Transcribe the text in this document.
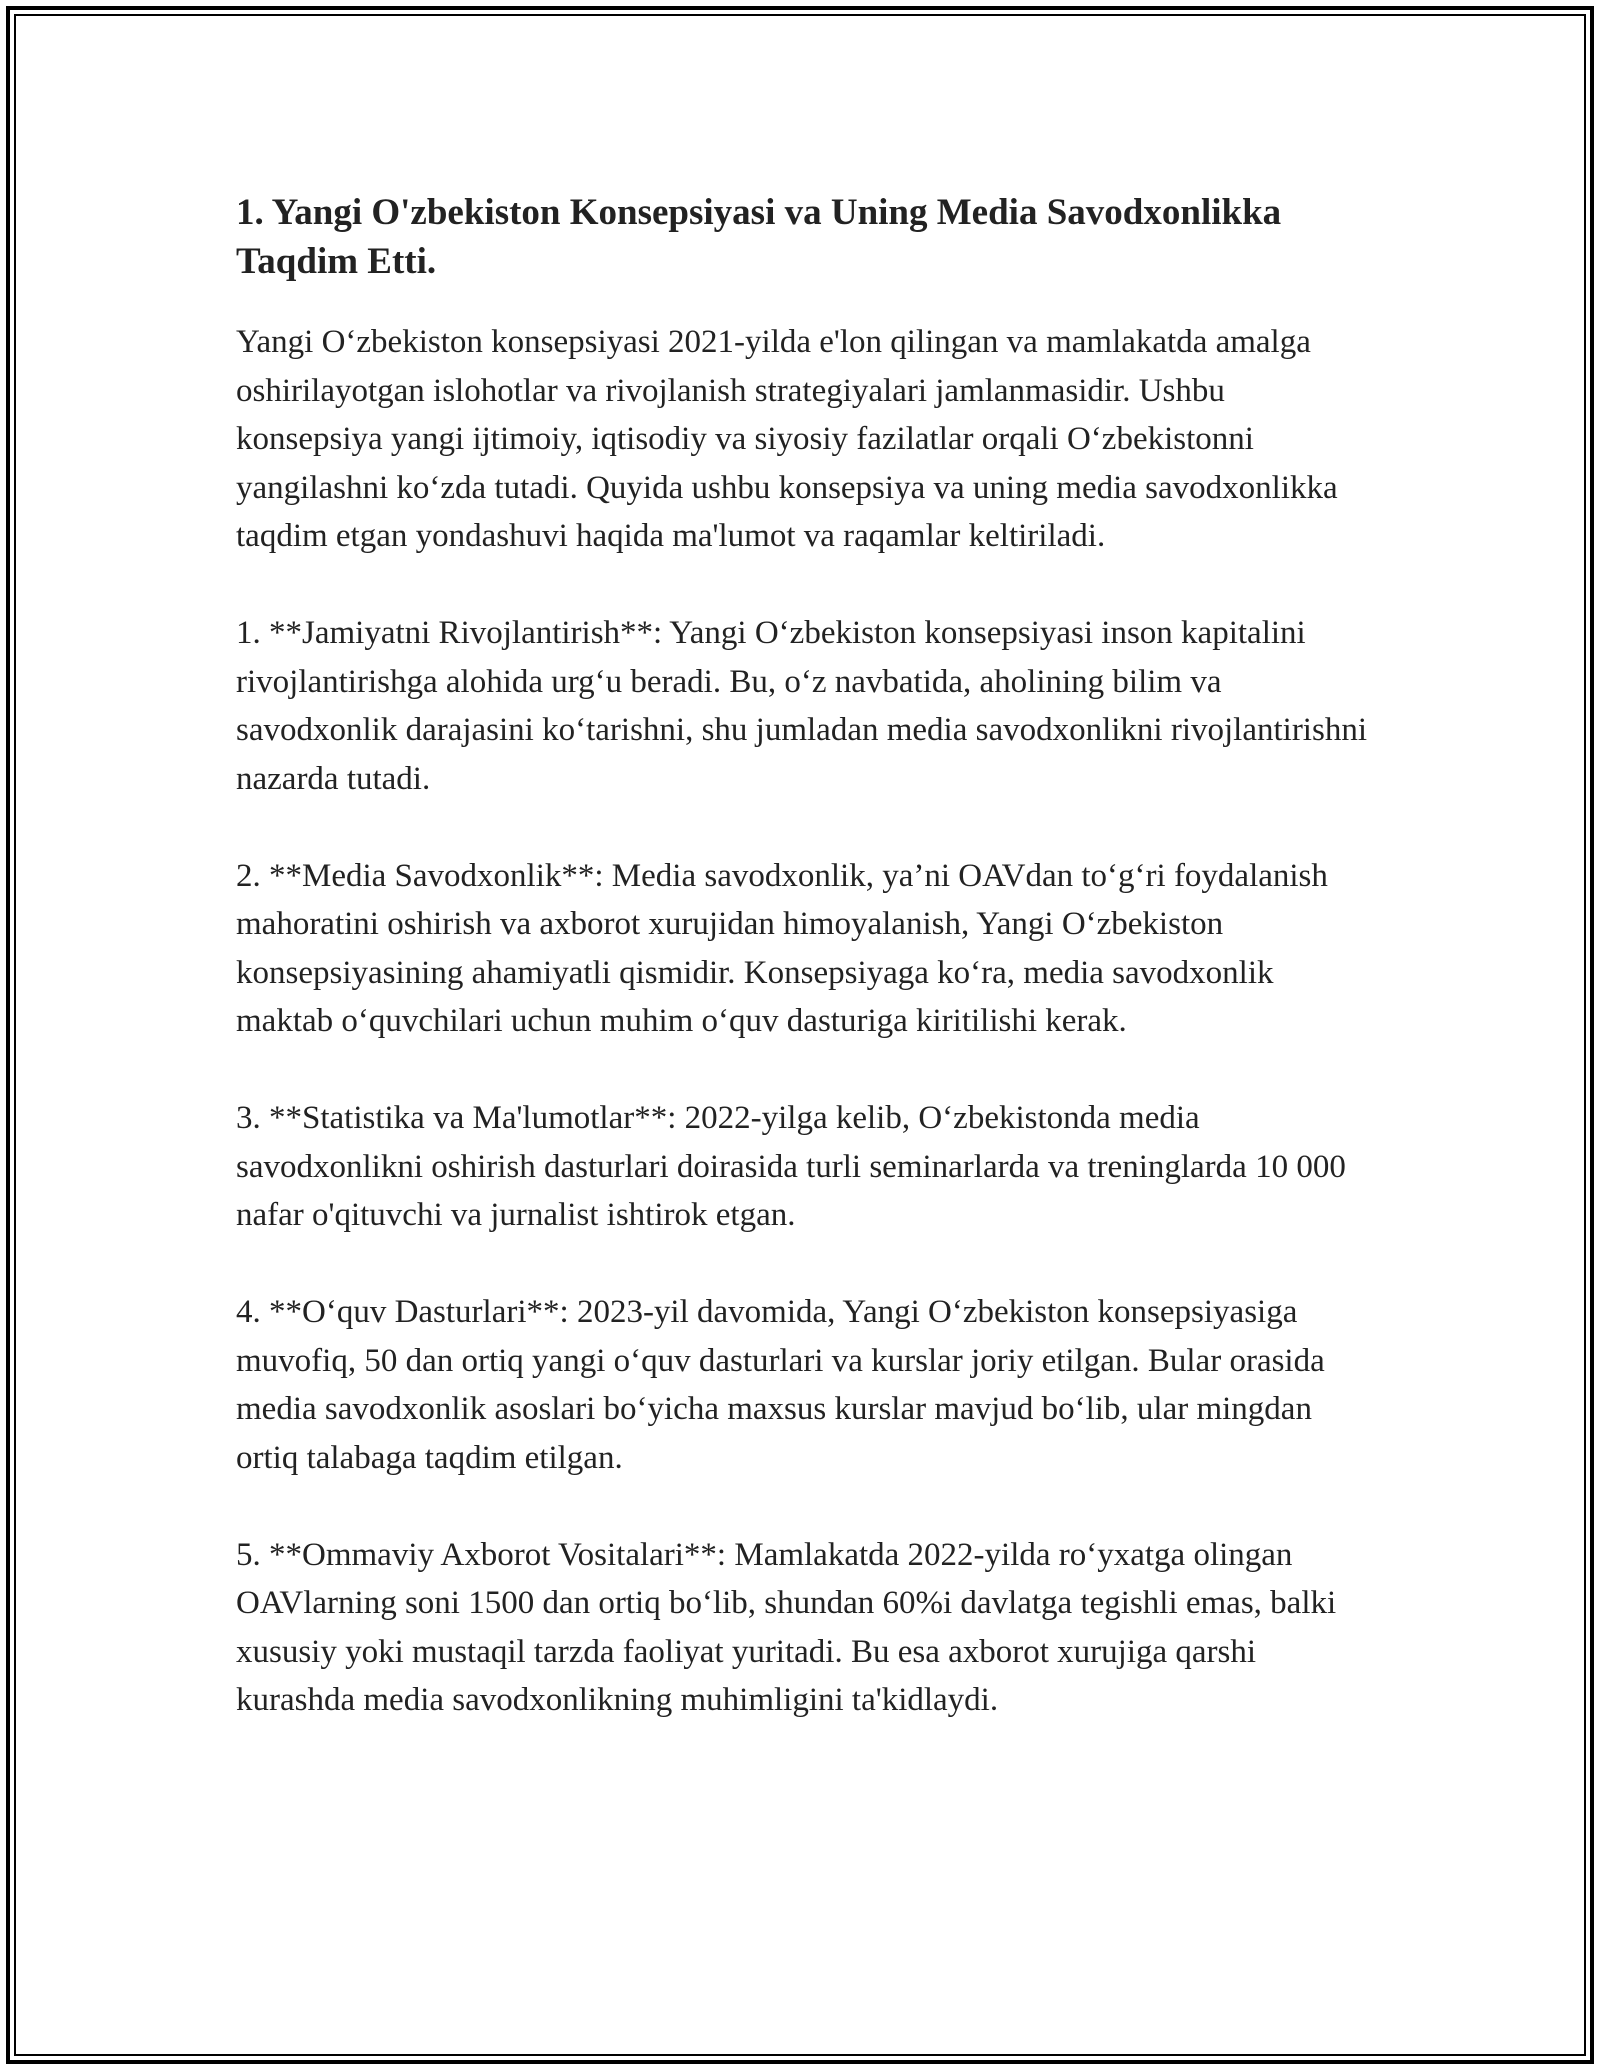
1. Yangi O'zbekiston Konsepsiyasi va Uning Media Savodxonlikka Taqdim Etti.

Yangi O‘zbekiston konsepsiyasi 2021-yilda e'lon qilingan va mamlakatda amalga oshirilayotgan islohotlar va rivojlanish strategiyalari jamlanmasidir. Ushbu konsepsiya yangi ijtimoiy, iqtisodiy va siyosiy fazilatlar orqali O‘zbekistonni yangilashni ko‘zda tutadi. Quyida ushbu konsepsiya va uning media savodxonlikka taqdim etgan yondashuvi haqida ma'lumot va raqamlar keltiriladi.

1. **Jamiyatni Rivojlantirish**: Yangi O‘zbekiston konsepsiyasi inson kapitalini rivojlantirishga alohida urg‘u beradi. Bu, o‘z navbatida, aholining bilim va savodxonlik darajasini ko‘tarishni, shu jumladan media savodxonlikni rivojlantirishni nazarda tutadi.

2. **Media Savodxonlik**: Media savodxonlik, ya’ni OAVdan to‘g‘ri foydalanish mahoratini oshirish va axborot xurujidan himoyalanish, Yangi O‘zbekiston konsepsiyasining ahamiyatli qismidir. Konsepsiyaga ko‘ra, media savodxonlik maktab o‘quvchilari uchun muhim o‘quv dasturiga kiritilishi kerak.

3. **Statistika va Ma'lumotlar**: 2022-yilga kelib, O‘zbekistonda media savodxonlikni oshirish dasturlari doirasida turli seminarlarda va treninglarda 10 000 nafar o'qituvchi va jurnalist ishtirok etgan.

4. **O‘quv Dasturlari**: 2023-yil davomida, Yangi O‘zbekiston konsepsiyasiga muvofiq, 50 dan ortiq yangi o‘quv dasturlari va kurslar joriy etilgan. Bular orasida media savodxonlik asoslari bo‘yicha maxsus kurslar mavjud bo‘lib, ular mingdan ortiq talabaga taqdim etilgan.

5. **Ommaviy Axborot Vositalari**: Mamlakatda 2022-yilda ro‘yxatga olingan OAVlarning soni 1500 dan ortiq bo‘lib, shundan 60%i davlatga tegishli emas, balki xususiy yoki mustaqil tarzda faoliyat yuritadi. Bu esa axborot xurujiga qarshi kurashda media savodxonlikning muhimligini ta'kidlaydi.
